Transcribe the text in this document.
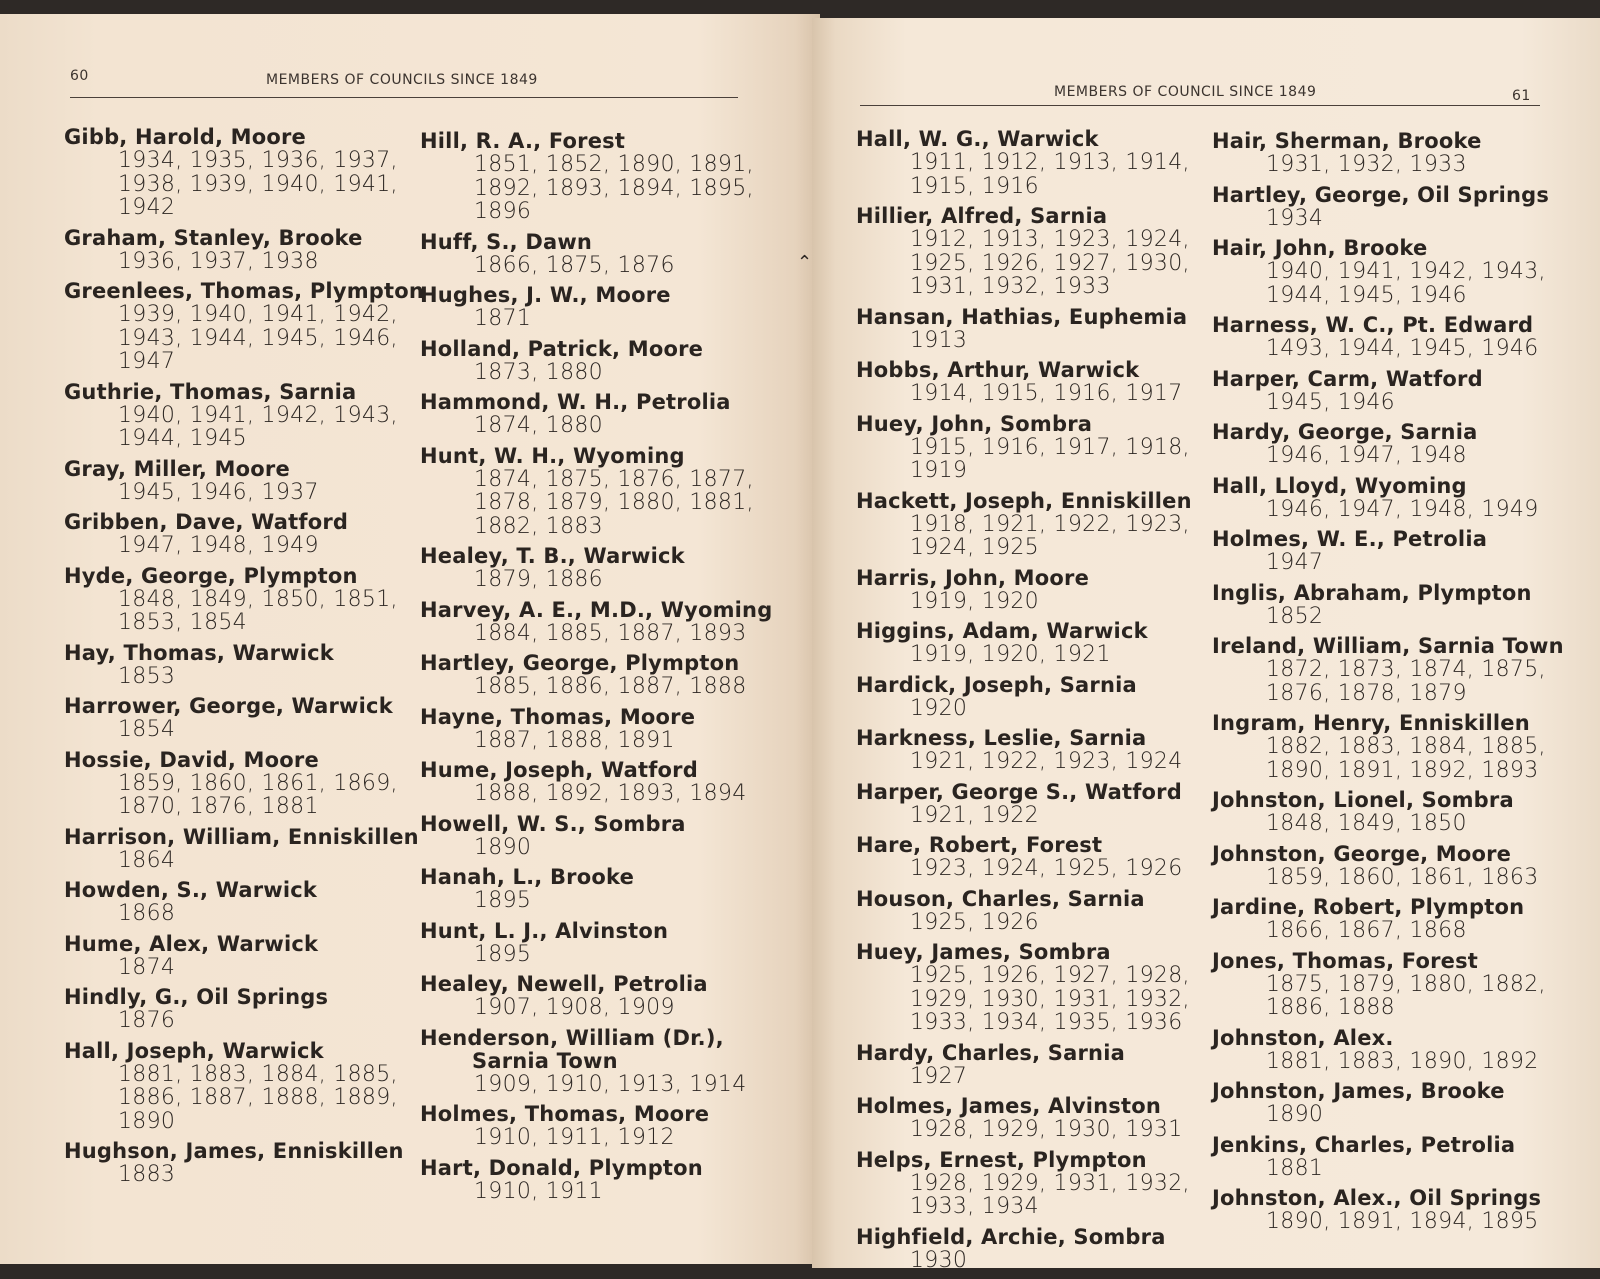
60	MEMBERS OF COUNCILS SINCE 1849
Gibb, Harold, Moore
1934, 1935, 1936, 1937,
1938, 1939, 1940, 1941,
1942
Graham, Stanley, Brooke
1936, 1937, 1938
Greenlees, Thomas, Plympton
1939, 1940, 1941, 1942,
1943, 1944, 1945, 1946,
1947
Guthrie, Thomas, Sarnia
1940, 1941, 1942, 1943,
1944, 1945
Gray, Miller, Moore
1945, 1946, 1937
Gribben, Dave, Watford
1947, 1948, 1949
Hyde, George, Plympton
1848, 1849, 1850, 1851,
1853, 1854
Hay, Thomas, Warwick
1853
Harrower, George, Warwick
1854
Hossie, David, Moore
1859, 1860, 1861, 1869,
1870, 1876, 1881
Harrison, William, Enniskillen
1864
Howden, S., Warwick
1868
Hume, Alex, Warwick
1874
Hindly, G., Oil Springs
1876
Hall, Joseph, Warwick
1881, 1883, 1884, 1885,
1886, 1887, 1888, 1889,
1890
Hughson, James, Enniskillen
1883
Hill, R. A., Forest
1851, 1852, 1890, 1891,
1892, 1893, 1894, 1895,
1896
Huff, S., Dawn
1866, 1875, 1876
Hughes, J. W., Moore
1871
Holland, Patrick, Moore
1873, 1880
Hammond, W. H., Petrolia
1874, 1880
Hunt, W. H., Wyoming
1874, 1875, 1876, 1877,
1878, 1879, 1880, 1881,
1882, 1883
Healey, T. B., Warwick
1879, 1886
Harvey, A. E., M.D., Wyoming
1884, 1885, 1887, 1893
Hartley, George, Plympton
1885, 1886, 1887, 1888
Hayne, Thomas, Moore
1887, 1888, 1891
Hume, Joseph, Watford
1888, 1892, 1893, 1894
Howell, W. S., Sombra
1890
Hanah, L., Brooke
1895
Hunt, L. J., Alvinston
1895
Healey, Newell, Petrolia
1907, 1908, 1909
Henderson, William (Dr.),
Sarnia Town
1909, 1910, 1913, 1914
Holmes, Thomas, Moore
1910, 1911, 1912
Hart, Donald, Plympton
1910, 1911
⌃
MEMBERS OF COUNCIL SINCE 1849	61
Hall, W. G., Warwick
1911, 1912, 1913, 1914,
1915, 1916
Hillier, Alfred, Sarnia
1912, 1913, 1923, 1924,
1925, 1926, 1927, 1930,
1931, 1932, 1933
Hansan, Hathias, Euphemia
1913
Hobbs, Arthur, Warwick
1914, 1915, 1916, 1917
Huey, John, Sombra
1915, 1916, 1917, 1918,
1919
Hackett, Joseph, Enniskillen
1918, 1921, 1922, 1923,
1924, 1925
Harris, John, Moore
1919, 1920
Higgins, Adam, Warwick
1919, 1920, 1921
Hardick, Joseph, Sarnia
1920
Harkness, Leslie, Sarnia
1921, 1922, 1923, 1924
Harper, George S., Watford
1921, 1922
Hare, Robert, Forest
1923, 1924, 1925, 1926
Houson, Charles, Sarnia
1925, 1926
Huey, James, Sombra
1925, 1926, 1927, 1928,
1929, 1930, 1931, 1932,
1933, 1934, 1935, 1936
Hardy, Charles, Sarnia
1927
Holmes, James, Alvinston
1928, 1929, 1930, 1931
Helps, Ernest, Plympton
1928, 1929, 1931, 1932,
1933, 1934
Highfield, Archie, Sombra
1930
Hair, Sherman, Brooke
1931, 1932, 1933
Hartley, George, Oil Springs
1934
Hair, John, Brooke
1940, 1941, 1942, 1943,
1944, 1945, 1946
Harness, W. C., Pt. Edward
1493, 1944, 1945, 1946
Harper, Carm, Watford
1945, 1946
Hardy, George, Sarnia
1946, 1947, 1948
Hall, Lloyd, Wyoming
1946, 1947, 1948, 1949
Holmes, W. E., Petrolia
1947
Inglis, Abraham, Plympton
1852
Ireland, William, Sarnia Town
1872, 1873, 1874, 1875,
1876, 1878, 1879
Ingram, Henry, Enniskillen
1882, 1883, 1884, 1885,
1890, 1891, 1892, 1893
Johnston, Lionel, Sombra
1848, 1849, 1850
Johnston, George, Moore
1859, 1860, 1861, 1863
Jardine, Robert, Plympton
1866, 1867, 1868
Jones, Thomas, Forest
1875, 1879, 1880, 1882,
1886, 1888
Johnston, Alex.
1881, 1883, 1890, 1892
Johnston, James, Brooke
1890
Jenkins, Charles, Petrolia
1881
Johnston, Alex., Oil Springs
1890, 1891, 1894, 1895
